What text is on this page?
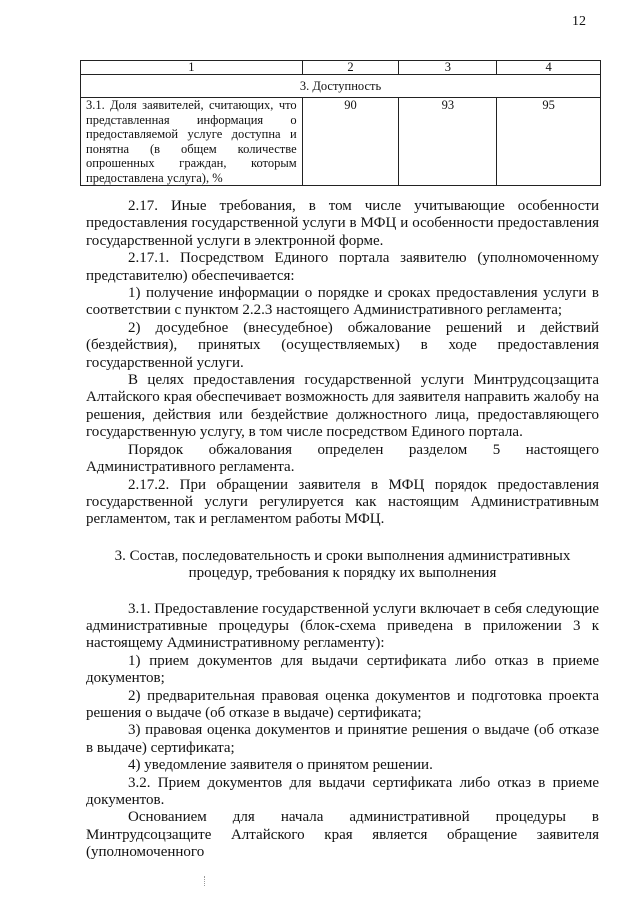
12
1	2	3	4
3. Доступность			

3.1. Доля заявителей, считающих, что представленная информация о предоставляемой услуге доступна и понятна (в общем количестве опрошенных граждан, которым предоставлена услуга), %	90	93	95

2.17. Иные требования, в том числе учитывающие особенности предоставления государственной услуги в МФЦ и особенности предоставления государственной услуги в электронной форме.

2.17.1. Посредством Единого портала заявителю (уполномоченному представителю) обеспечивается:

1) получение информации о порядке и сроках предоставления услуги в соответствии с пунктом 2.2.3 настоящего Административного регламента;

2) досудебное (внесудебное) обжалование решений и действий (бездействия), принятых (осуществляемых) в ходе предоставления государственной услуги.

В целях предоставления государственной услуги Минтрудсоцзащита Алтайского края обеспечивает возможность для заявителя направить жалобу на решения, действия или бездействие должностного лица, предоставляющего государственную услугу, в том числе посредством Единого портала.

Порядок обжалования определен разделом 5 настоящего Административного регламента.

2.17.2. При обращении заявителя в МФЦ порядок предоставления государственной услуги регулируется как настоящим Административным регламентом, так и регламентом работы МФЦ.

3. Состав, последовательность и сроки выполнения административных процедур, требования к порядку их выполнения

3.1. Предоставление государственной услуги включает в себя следующие административные процедуры (блок-схема приведена в приложении 3 к настоящему Административному регламенту):

1) прием документов для выдачи сертификата либо отказ в приеме документов;

2) предварительная правовая оценка документов и подготовка проекта решения о выдаче (об отказе в выдаче) сертификата;

3) правовая оценка документов и принятие решения о выдаче (об отказе в выдаче) сертификата;

4) уведомление заявителя о принятом решении.

3.2. Прием документов для выдачи сертификата либо отказ в приеме документов.

Основанием для начала административной процедуры в Минтрудсоцзащите Алтайского края является обращение заявителя (уполномоченного
